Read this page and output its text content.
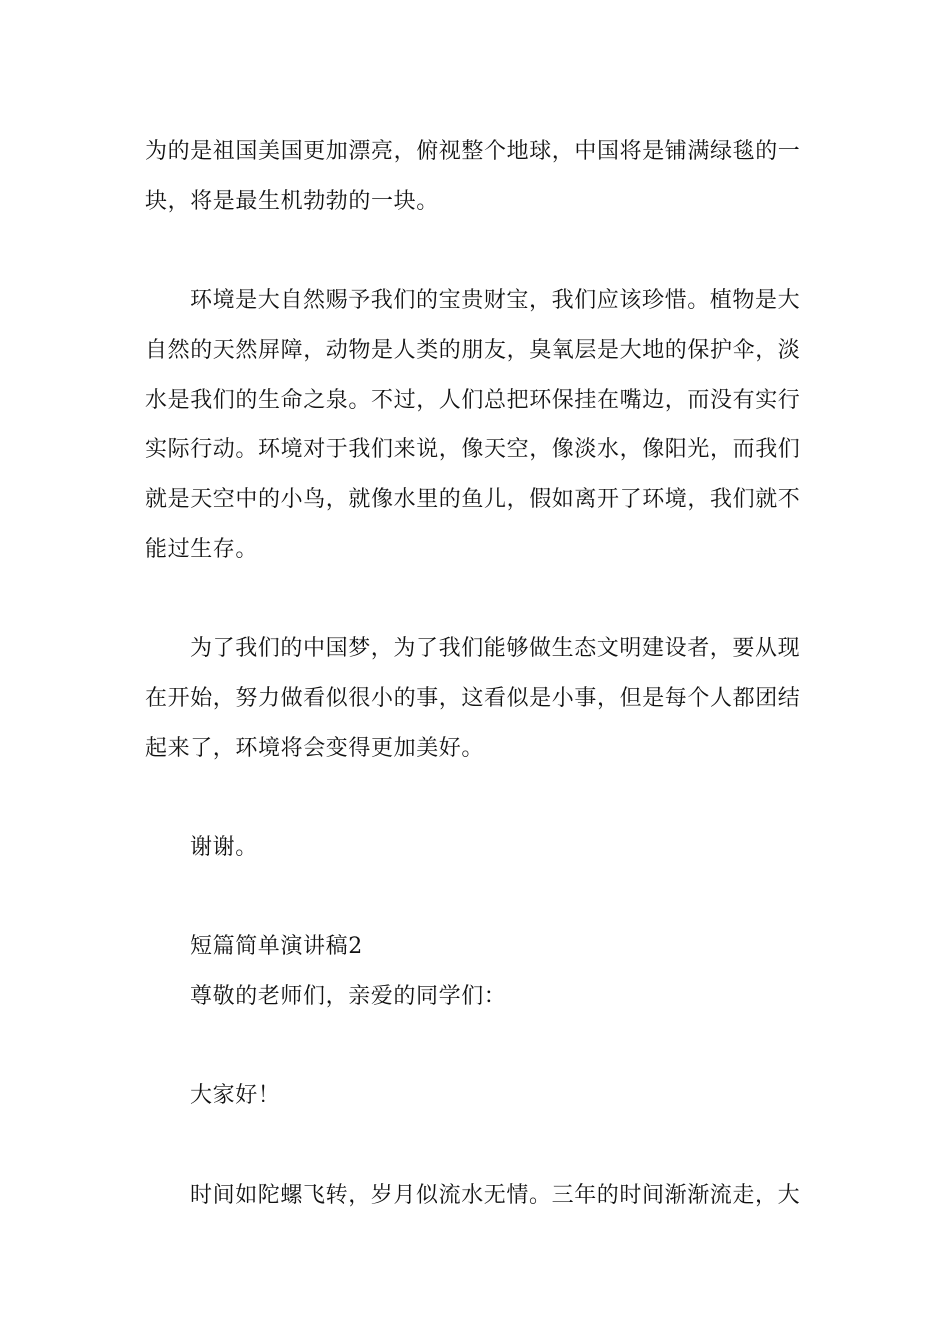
为的是祖国美国更加漂亮，俯视整个地球，中国将是铺满绿毯的一
块，将是最生机勃勃的一块。
环境是大自然赐予我们的宝贵财宝，我们应该珍惜。植物是大
自然的天然屏障，动物是人类的朋友，臭氧层是大地的保护伞，淡
水是我们的生命之泉。不过，人们总把环保挂在嘴边，而没有实行
实际行动。环境对于我们来说，像天空，像淡水，像阳光，而我们
就是天空中的小鸟，就像水里的鱼儿，假如离开了环境，我们就不
能过生存。
为了我们的中国梦，为了我们能够做生态文明建设者，要从现
在开始，努力做看似很小的事，这看似是小事，但是每个人都团结
起来了，环境将会变得更加美好。
谢谢。
短篇简单演讲稿2
尊敬的老师们，亲爱的同学们：
大家好！
时间如陀螺飞转，岁月似流水无情。三年的时间渐渐流走，大
